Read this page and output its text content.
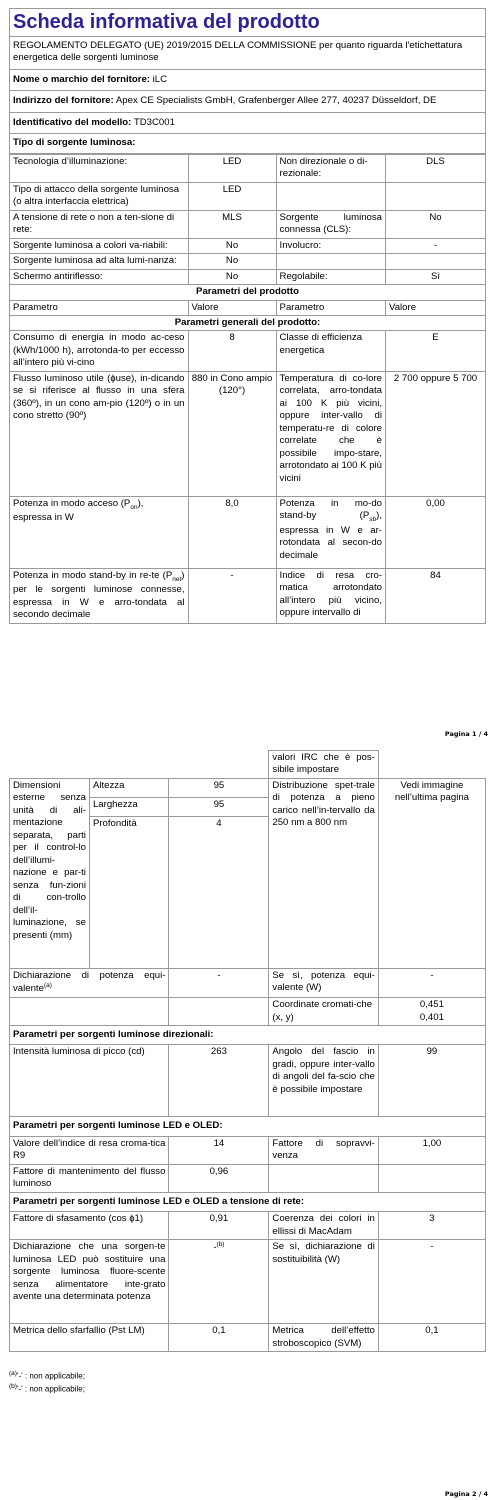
Scheda informativa del prodotto
REGOLAMENTO DELEGATO (UE) 2019/2015 DELLA COMMISSIONE per quanto riguarda l'etichettatura energetica delle sorgenti luminose
Nome o marchio del fornitore: iLC
Indirizzo del fornitore: Apex CE Specialists GmbH, Grafenberger Allee 277, 40237 Düsseldorf, DE
Identificativo del modello: TD3C001
Tipo di sorgente luminosa:
Tecnologia d’illuminazione:	LED	Non direzionale o di-rezionale:	DLS

Tipo di attacco della sorgente luminosa
(o altra interfaccia elettrica)	LED		
A tensione di rete o non a ten-sione di rete:	MLS	Sorgente luminosa connessa (CLS):	No
Sorgente luminosa a colori va-riabili:	No	Involucro:	-
Sorgente luminosa ad alta lumi-nanza:	No		
Schermo antiriflesso:	No	Regolabile:	Sì
Parametri del prodotto			
Parametro	Valore	Parametro	Valore
Parametri generali del prodotto:			
Consumo di energia in modo ac-ceso (kWh/1000 h), arrotonda-to per eccesso all’intero più vi-cino	8	Classe di efficienza energetica	E
Flusso luminoso utile (ɸuse), in-dicando se si riferisce al flusso in una sfera (360º), in un cono am-pio (120º) o in un cono stretto (90º)	880 in Cono ampio (120°)	Temperatura di co-lore correlata, arro-tondata ai 100 K più vicini, oppure inter-vallo di temperatu-re di colore correlate che è possibile impo-stare, arrotondato ai 100 K più vicini	2 700 oppure 5 700
Potenza in modo acceso $(P_{on})$, espressa in W	8,0	Potenza in mo-do stand-by $(P_{sb})$, espressa in W e ar-rotondata al secon-do decimale	0,00
Potenza in modo stand-by in re-te $(P_{net})$ per le sorgenti luminose connesse, espressa in W e arro-tondata al secondo decimale	-	Indice di resa cro-matica arrotondato all’intero più vicino, oppure intervallo di	84
Pagina 1 / 4
			valori IRC che è pos-sibile impostare	
Dimensioni esterne senza unità di ali-mentazione separata, parti per il control-lo dell’illumi-nazione e par-ti senza fun-zioni di con-trollo dell’il-luminazione, se presenti (mm)	Altezza	95	Distribuzione spet-trale di potenza a pieno carico nell’in-tervallo da 250 nm a 800 nm	Vedi immagine nell’ultima pagina
	Larghezza	95		
	Profondità	4		
Dichiarazione di potenza equi-valente$^{(a)}$		-	Se sì, potenza equi-valente (W)	-
			Coordinate cromati-che (x, y)	0,451
0,401

Parametri per sorgenti luminose direzionali:				
Intensità luminosa di picco (cd)		263	Angolo del fascio in gradi, oppure inter-vallo di angoli del fa-scio che è possibile impostare	99
Parametri per sorgenti luminose LED e OLED:				
Valore dell’indice di resa croma-tica R9		14	Fattore di sopravvi-venza	1,00
Fattore di mantenimento del flusso luminoso		0,96		
Parametri per sorgenti luminose LED e OLED a tensione di rete:				
Fattore di sfasamento (cos ɸ1)		0,91	Coerenza dei colori in ellissi di MacAdam	3
Dichiarazione che una sorgen-te luminosa LED può sostituire una sorgente luminosa fluore-scente senza alimentatore inte-grato avente una determinata potenza		-$^{(b)}$	Se sì, dichiarazione di sostituibilità (W)	-
Metrica dello sfarfallio (Pst LM)		0,1	Metrica dell’effetto stroboscopico (SVM)	0,1
$^{(a)}$'-' : non applicabile;
$^{(b)}$'-' : non applicabile;
Pagina 2 / 4
